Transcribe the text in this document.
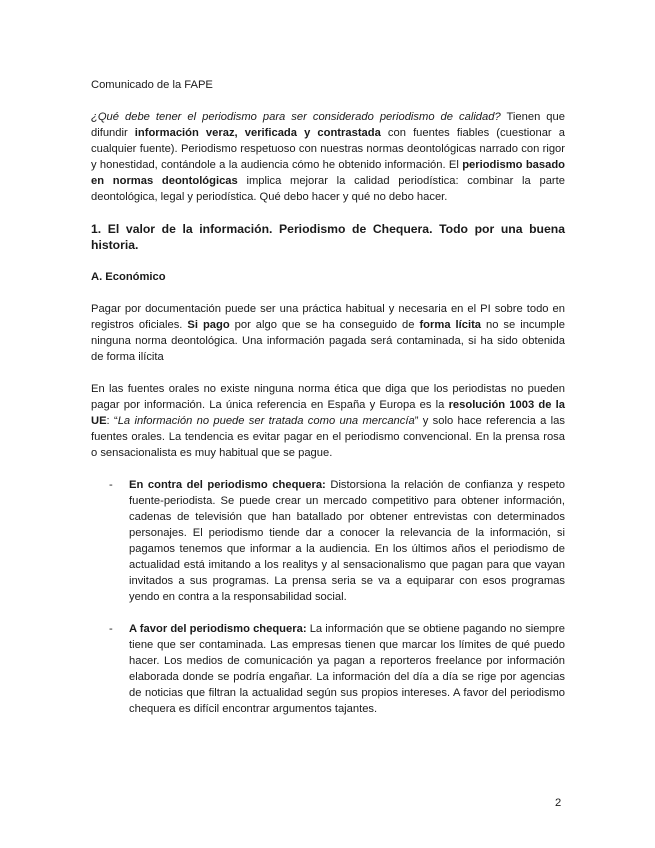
Comunicado de la FAPE

¿Qué debe tener el periodismo para ser considerado periodismo de calidad? Tienen que difundir información veraz, verificada y contrastada con fuentes fiables (cuestionar a cualquier fuente). Periodismo respetuoso con nuestras normas deontológicas narrado con rigor y honestidad, contándole a la audiencia cómo he obtenido información. El periodismo basado en normas deontológicas implica mejorar la calidad periodística: combinar la parte deontológica, legal y periodística. Qué debo hacer y qué no debo hacer.

1. El valor de la información. Periodismo de Chequera. Todo por una buena historia.

A. Económico

Pagar por documentación puede ser una práctica habitual y necesaria en el PI sobre todo en registros oficiales. Si pago por algo que se ha conseguido de forma lícita no se incumple ninguna norma deontológica. Una información pagada será contaminada, si ha sido obtenida de forma ilícita

En las fuentes orales no existe ninguna norma ética que diga que los periodistas no pueden pagar por información. La única referencia en España y Europa es la resolución 1003 de la UE: “La información no puede ser tratada como una mercancía” y solo hace referencia a las fuentes orales. La tendencia es evitar pagar en el periodismo convencional. En la prensa rosa o sensacionalista es muy habitual que se pague.

- En contra del periodismo chequera: Distorsiona la relación de confianza y respeto fuente-periodista. Se puede crear un mercado competitivo para obtener información, cadenas de televisión que han batallado por obtener entrevistas con determinados personajes. El periodismo tiende dar a conocer la relevancia de la información, si pagamos tenemos que informar a la audiencia. En los últimos años el periodismo de actualidad está imitando a los realitys y al sensacionalismo que pagan para que vayan invitados a sus programas. La prensa seria se va a equiparar con esos programas yendo en contra a la responsabilidad social.
- A favor del periodismo chequera: La información que se obtiene pagando no siempre tiene que ser contaminada. Las empresas tienen que marcar los límites de qué puedo hacer. Los medios de comunicación ya pagan a reporteros freelance por información elaborada donde se podría engañar. La información del día a día se rige por agencias de noticias que filtran la actualidad según sus propios intereses. A favor del periodismo chequera es difícil encontrar argumentos tajantes.
2
